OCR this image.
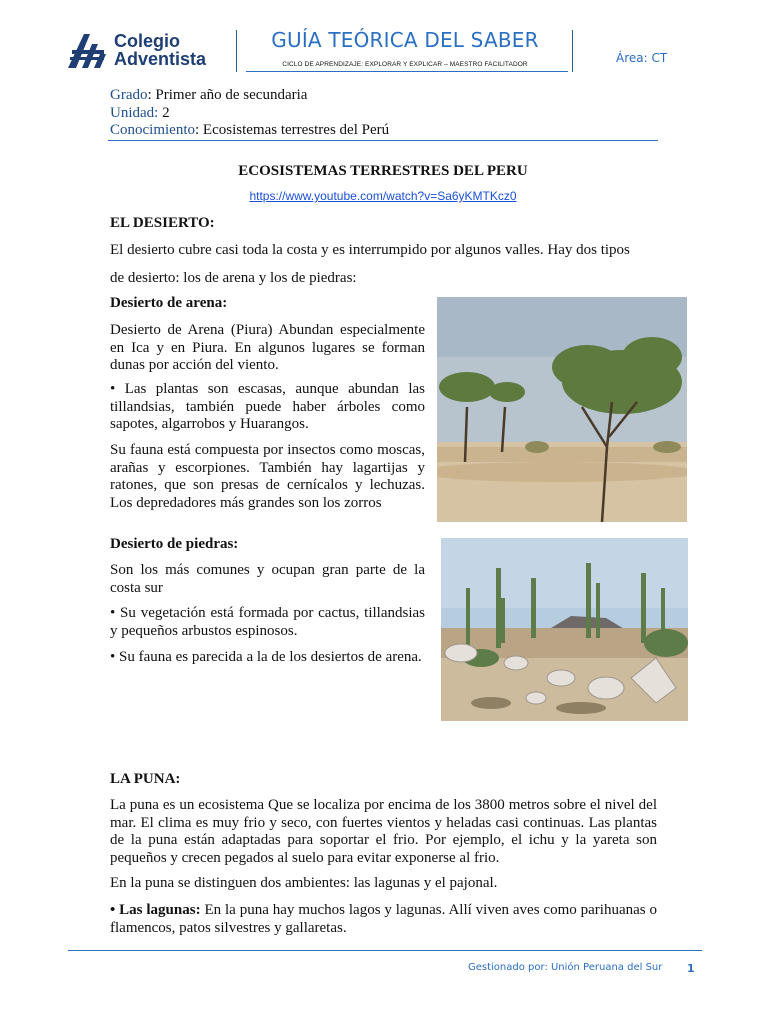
Colegio
Adventista
GUÍA TEÓRICA DEL SABER
CICLO DE APRENDIZAJE: EXPLORAR Y EXPLICAR – MAESTRO FACILITADOR	Área: CT
Grado: Primer año de secundaria
Unidad: 2
Conocimiento: Ecosistemas terrestres del Perú
ECOSISTEMAS TERRESTRES DEL PERU
https://www.youtube.com/watch?v=Sa6yKMTKcz0
EL DESIERTO:
El desierto cubre casi toda la costa y es interrumpido por algunos valles. Hay dos tipos
de desierto: los de arena y los de piedras:
Desierto de arena:
Desierto de Arena (Piura) Abundan especialmente en Ica y en Piura. En algunos lugares se forman dunas por acción del viento.
• Las plantas son escasas, aunque abundan las tillandsias, también puede haber árboles como sapotes, algarrobos y Huarangos.
Su fauna está compuesta por insectos como moscas, arañas y escorpiones. También hay lagartijas y ratones, que son presas de cernícalos y lechuzas. Los depredadores más grandes son los zorros
Desierto de piedras:
Son los más comunes y ocupan gran parte de la costa sur
• Su vegetación está formada por cactus, tillandsias y pequeños arbustos espinosos.
• Su fauna es parecida a la de los desiertos de arena.
LA PUNA:
La puna es un ecosistema Que se localiza por encima de los 3800 metros sobre el nivel del mar. El clima es muy frio y seco, con fuertes vientos y heladas casi continuas. Las plantas de la puna están adaptadas para soportar el frio. Por ejemplo, el ichu y la yareta son pequeños y crecen pegados al suelo para evitar exponerse al frio.
En la puna se distinguen dos ambientes: las lagunas y el pajonal.
• Las lagunas: En la puna hay muchos lagos y lagunas. Allí viven aves como parihuanas o flamencos, patos silvestres y gallaretas.
Gestionado por: Unión Peruana del Sur 1
